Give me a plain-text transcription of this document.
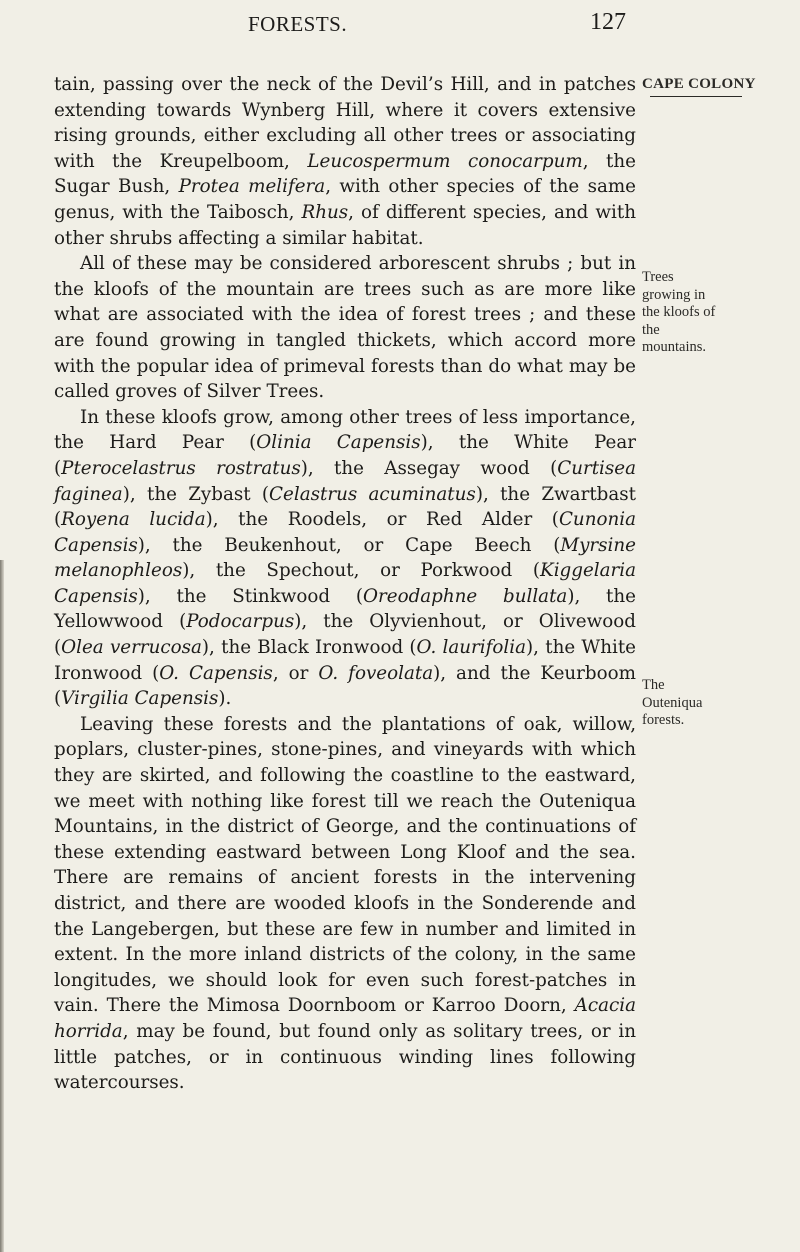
FORESTS.	127

tain, passing over the neck of the Devil’s Hill, and in patches extending towards Wynberg Hill, where it covers extensive rising grounds, either excluding all other trees or associating with the Kreupelboom, Leucospermum conocarpum, the Sugar Bush, Protea melifera, with other species of the same genus, with the Taibosch, Rhus, of different species, and with other shrubs affecting a similar habitat.

All of these may be considered arborescent shrubs ; but in the kloofs of the mountain are trees such as are more like what are associated with the idea of forest trees ; and these are found growing in tangled thickets, which accord more with the popular idea of primeval forests than do what may be called groves of Silver Trees.

In these kloofs grow, among other trees of less importance, the Hard Pear (Olinia Capensis), the White Pear (Pterocelastrus rostratus), the Assegay wood (Curtisea faginea), the Zybast (Celastrus acuminatus), the Zwartbast (Royena lucida), the Roodels, or Red Alder (Cunonia Capensis), the Beukenhout, or Cape Beech (Myrsine melanophleos), the Spechout, or Porkwood (Kiggelaria Capensis), the Stinkwood (Oreodaphne bullata), the Yellowwood (Podocarpus), the Olyvienhout, or Olivewood (Olea verrucosa), the Black Ironwood (O. laurifolia), the White Ironwood (O. Capensis, or O. foveolata), and the Keurboom (Virgilia Capensis).

Leaving these forests and the plantations of oak, willow, poplars, cluster-pines, stone-pines, and vineyards with which they are skirted, and following the coastline to the eastward, we meet with nothing like forest till we reach the Outeniqua Mountains, in the district of George, and the continuations of these extending eastward between Long Kloof and the sea. There are remains of ancient forests in the intervening district, and there are wooded kloofs in the Sonderende and the Langebergen, but these are few in number and limited in extent. In the more inland districts of the colony, in the same longitudes, we should look for even such forest-patches in vain. There the Mimosa Doornboom or Karroo Doorn, Acacia horrida, may be found, but found only as solitary trees, or in little patches, or in continuous winding lines following watercourses.

CAPE COLONY
Trees growing in the kloofs of the mountains.
The Outeniqua forests.
